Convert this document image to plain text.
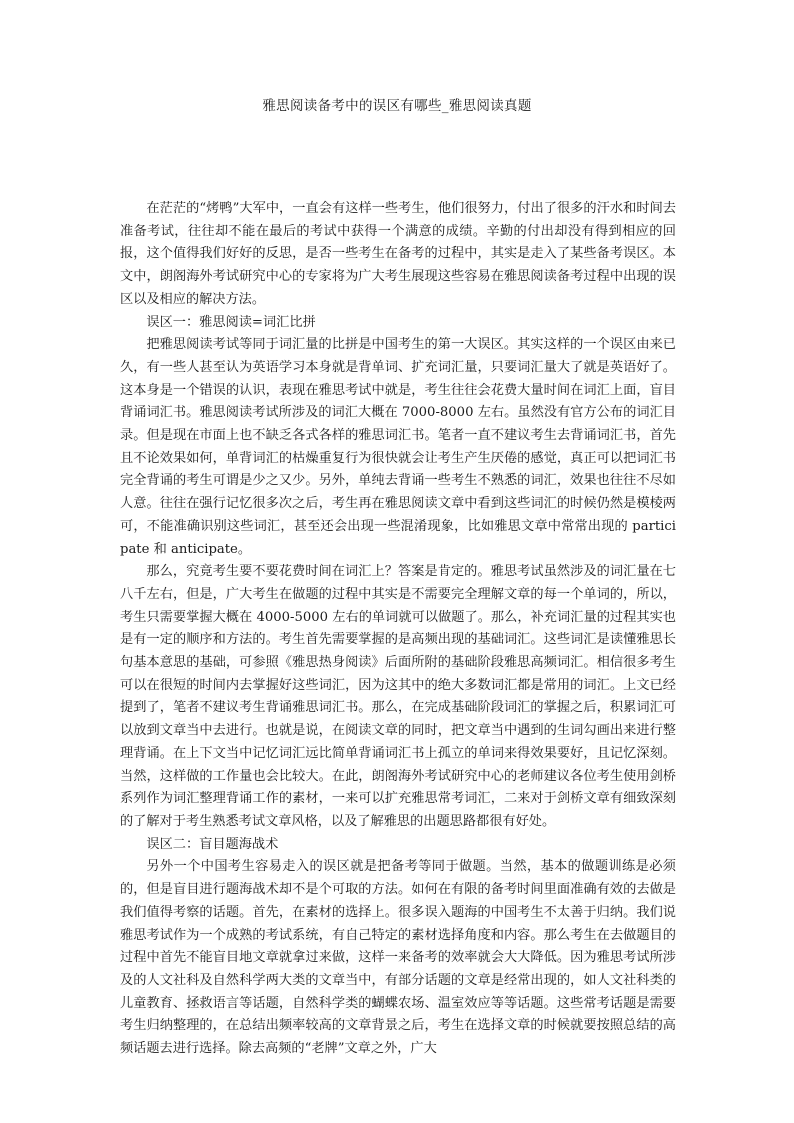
雅思阅读备考中的误区有哪些_雅思阅读真题

在茫茫的“烤鸭”大军中，一直会有这样一些考生，他们很努力，付出了很多的汗水和时间去准备考试，往往却不能在最后的考试中获得一个满意的成绩。辛勤的付出却没有得到相应的回报，这个值得我们好好的反思，是否一些考生在备考的过程中，其实是走入了某些备考误区。本文中，朗阁海外考试研究中心的专家将为广大考生展现这些容易在雅思阅读备考过程中出现的误区以及相应的解决方法。

误区一：雅思阅读=词汇比拼

把雅思阅读考试等同于词汇量的比拼是中国考生的第一大误区。其实这样的一个误区由来已久，有一些人甚至认为英语学习本身就是背单词、扩充词汇量，只要词汇量大了就是英语好了。这本身是一个错误的认识，表现在雅思考试中就是，考生往往会花费大量时间在词汇上面，盲目背诵词汇书。雅思阅读考试所涉及的词汇大概在 7000-8000 左右。虽然没有官方公布的词汇目录。但是现在市面上也不缺乏各式各样的雅思词汇书。笔者一直不建议考生去背诵词汇书，首先且不论效果如何，单背词汇的枯燥重复行为很快就会让考生产生厌倦的感觉，真正可以把词汇书完全背诵的考生可谓是少之又少。另外，单纯去背诵一些考生不熟悉的词汇，效果也往往不尽如人意。往往在强行记忆很多次之后，考生再在雅思阅读文章中看到这些词汇的时候仍然是模棱两可，不能准确识别这些词汇，甚至还会出现一些混淆现象，比如雅思文章中常常出现的 participate 和 anticipate。

那么，究竟考生要不要花费时间在词汇上？答案是肯定的。雅思考试虽然涉及的词汇量在七八千左右，但是，广大考生在做题的过程中其实是不需要完全理解文章的每一个单词的，所以，考生只需要掌握大概在 4000-5000 左右的单词就可以做题了。那么，补充词汇量的过程其实也是有一定的顺序和方法的。考生首先需要掌握的是高频出现的基础词汇。这些词汇是读懂雅思长句基本意思的基础，可参照《雅思热身阅读》后面所附的基础阶段雅思高频词汇。相信很多考生可以在很短的时间内去掌握好这些词汇，因为这其中的绝大多数词汇都是常用的词汇。上文已经提到了，笔者不建议考生背诵雅思词汇书。那么，在完成基础阶段词汇的掌握之后，积累词汇可以放到文章当中去进行。也就是说，在阅读文章的同时，把文章当中遇到的生词勾画出来进行整理背诵。在上下文当中记忆词汇远比简单背诵词汇书上孤立的单词来得效果要好，且记忆深刻。当然，这样做的工作量也会比较大。在此，朗阁海外考试研究中心的老师建议各位考生使用剑桥系列作为词汇整理背诵工作的素材，一来可以扩充雅思常考词汇，二来对于剑桥文章有细致深刻的了解对于考生熟悉考试文章风格，以及了解雅思的出题思路都很有好处。

误区二：盲目题海战术

另外一个中国考生容易走入的误区就是把备考等同于做题。当然，基本的做题训练是必须的，但是盲目进行题海战术却不是个可取的方法。如何在有限的备考时间里面准确有效的去做是我们值得考察的话题。首先，在素材的选择上。很多误入题海的中国考生不太善于归纳。我们说雅思考试作为一个成熟的考试系统，有自己特定的素材选择角度和内容。那么考生在去做题目的过程中首先不能盲目地文章就拿过来做，这样一来备考的效率就会大大降低。因为雅思考试所涉及的人文社科及自然科学两大类的文章当中，有部分话题的文章是经常出现的，如人文社科类的儿童教育、拯救语言等话题，自然科学类的蝴蝶农场、温室效应等等话题。这些常考话题是需要考生归纳整理的，在总结出频率较高的文章背景之后，考生在选择文章的时候就要按照总结的高频话题去进行选择。除去高频的“老牌”文章之外，广大
